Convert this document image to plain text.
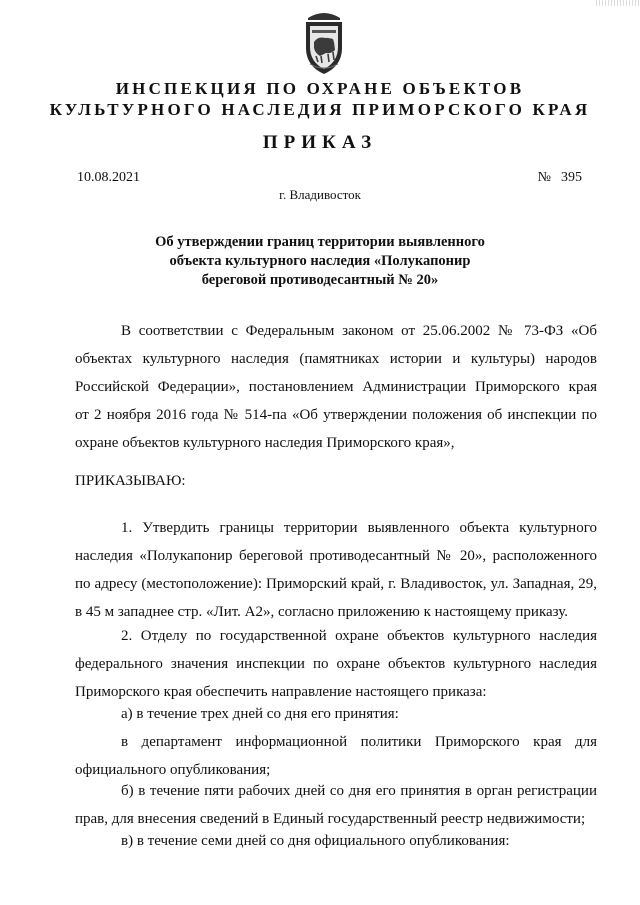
ИНСПЕКЦИЯ ПО ОХРАНЕ ОБЪЕКТОВ
КУЛЬТУРНОГО НАСЛЕДИЯ ПРИМОРСКОГО КРАЯ
ПРИКАЗ
10.08.2021	№ 395
г. Владивосток
Об утверждении границ территории выявленного
объекта культурного наследия «Полукапонир
береговой противодесантный № 20»
В соответствии с Федеральным законом от 25.06.2002 № 73-ФЗ «Об
объектах культурного наследия (памятниках истории и культуры) народов
Российской Федерации», постановлением Администрации Приморского края
от 2 ноября 2016 года № 514-па «Об утверждении положения об инспекции по
охране объектов культурного наследия Приморского края»,
ПРИКАЗЫВАЮ:
1. Утвердить границы территории выявленного объекта культурного
наследия «Полукапонир береговой противодесантный № 20», расположенного
по адресу (местоположение): Приморский край, г. Владивосток, ул. Западная, 29,
в 45 м западнее стр. «Лит. А2», согласно приложению к настоящему приказу.
2. Отделу по государственной охране объектов культурного наследия
федерального значения инспекции по охране объектов культурного наследия
Приморского края обеспечить направление настоящего приказа:
а) в течение трех дней со дня его принятия:
в департамент информационной политики Приморского края для
официального опубликования;
б) в течение пяти рабочих дней со дня его принятия в орган регистрации
прав, для внесения сведений в Единый государственный реестр недвижимости;
в) в течение семи дней со дня официального опубликования:
